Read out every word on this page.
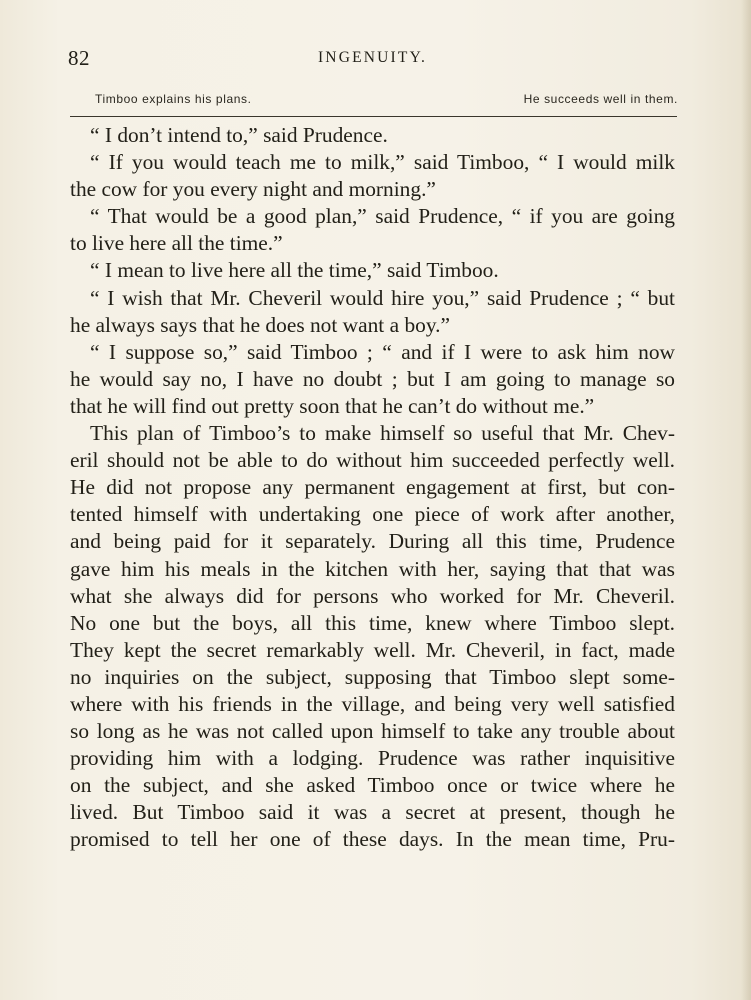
82	INGENUITY.
Timboo explains his plans.	He succeeds well in them.
“ I don’t intend to,” said Prudence.
“ If you would teach me to milk,” said Timboo, “ I would milk
the cow for you every night and morning.”
“ That would be a good plan,” said Prudence, “ if you are going
to live here all the time.”
“ I mean to live here all the time,” said Timboo.
“ I wish that Mr. Cheveril would hire you,” said Prudence ; “ but
he always says that he does not want a boy.”
“ I suppose so,” said Timboo ; “ and if I were to ask him now
he would say no, I have no doubt ; but I am going to manage so
that he will find out pretty soon that he can’t do without me.”
This plan of Timboo’s to make himself so useful that Mr. Chev-
eril should not be able to do without him succeeded perfectly well.
He did not propose any permanent engagement at first, but con-
tented himself with undertaking one piece of work after another,
and being paid for it separately. During all this time, Prudence
gave him his meals in the kitchen with her, saying that that was
what she always did for persons who worked for Mr. Cheveril.
No one but the boys, all this time, knew where Timboo slept.
They kept the secret remarkably well. Mr. Cheveril, in fact, made
no inquiries on the subject, supposing that Timboo slept some-
where with his friends in the village, and being very well satisfied
so long as he was not called upon himself to take any trouble about
providing him with a lodging. Prudence was rather inquisitive
on the subject, and she asked Timboo once or twice where he
lived. But Timboo said it was a secret at present, though he
promised to tell her one of these days. In the mean time, Pru-
